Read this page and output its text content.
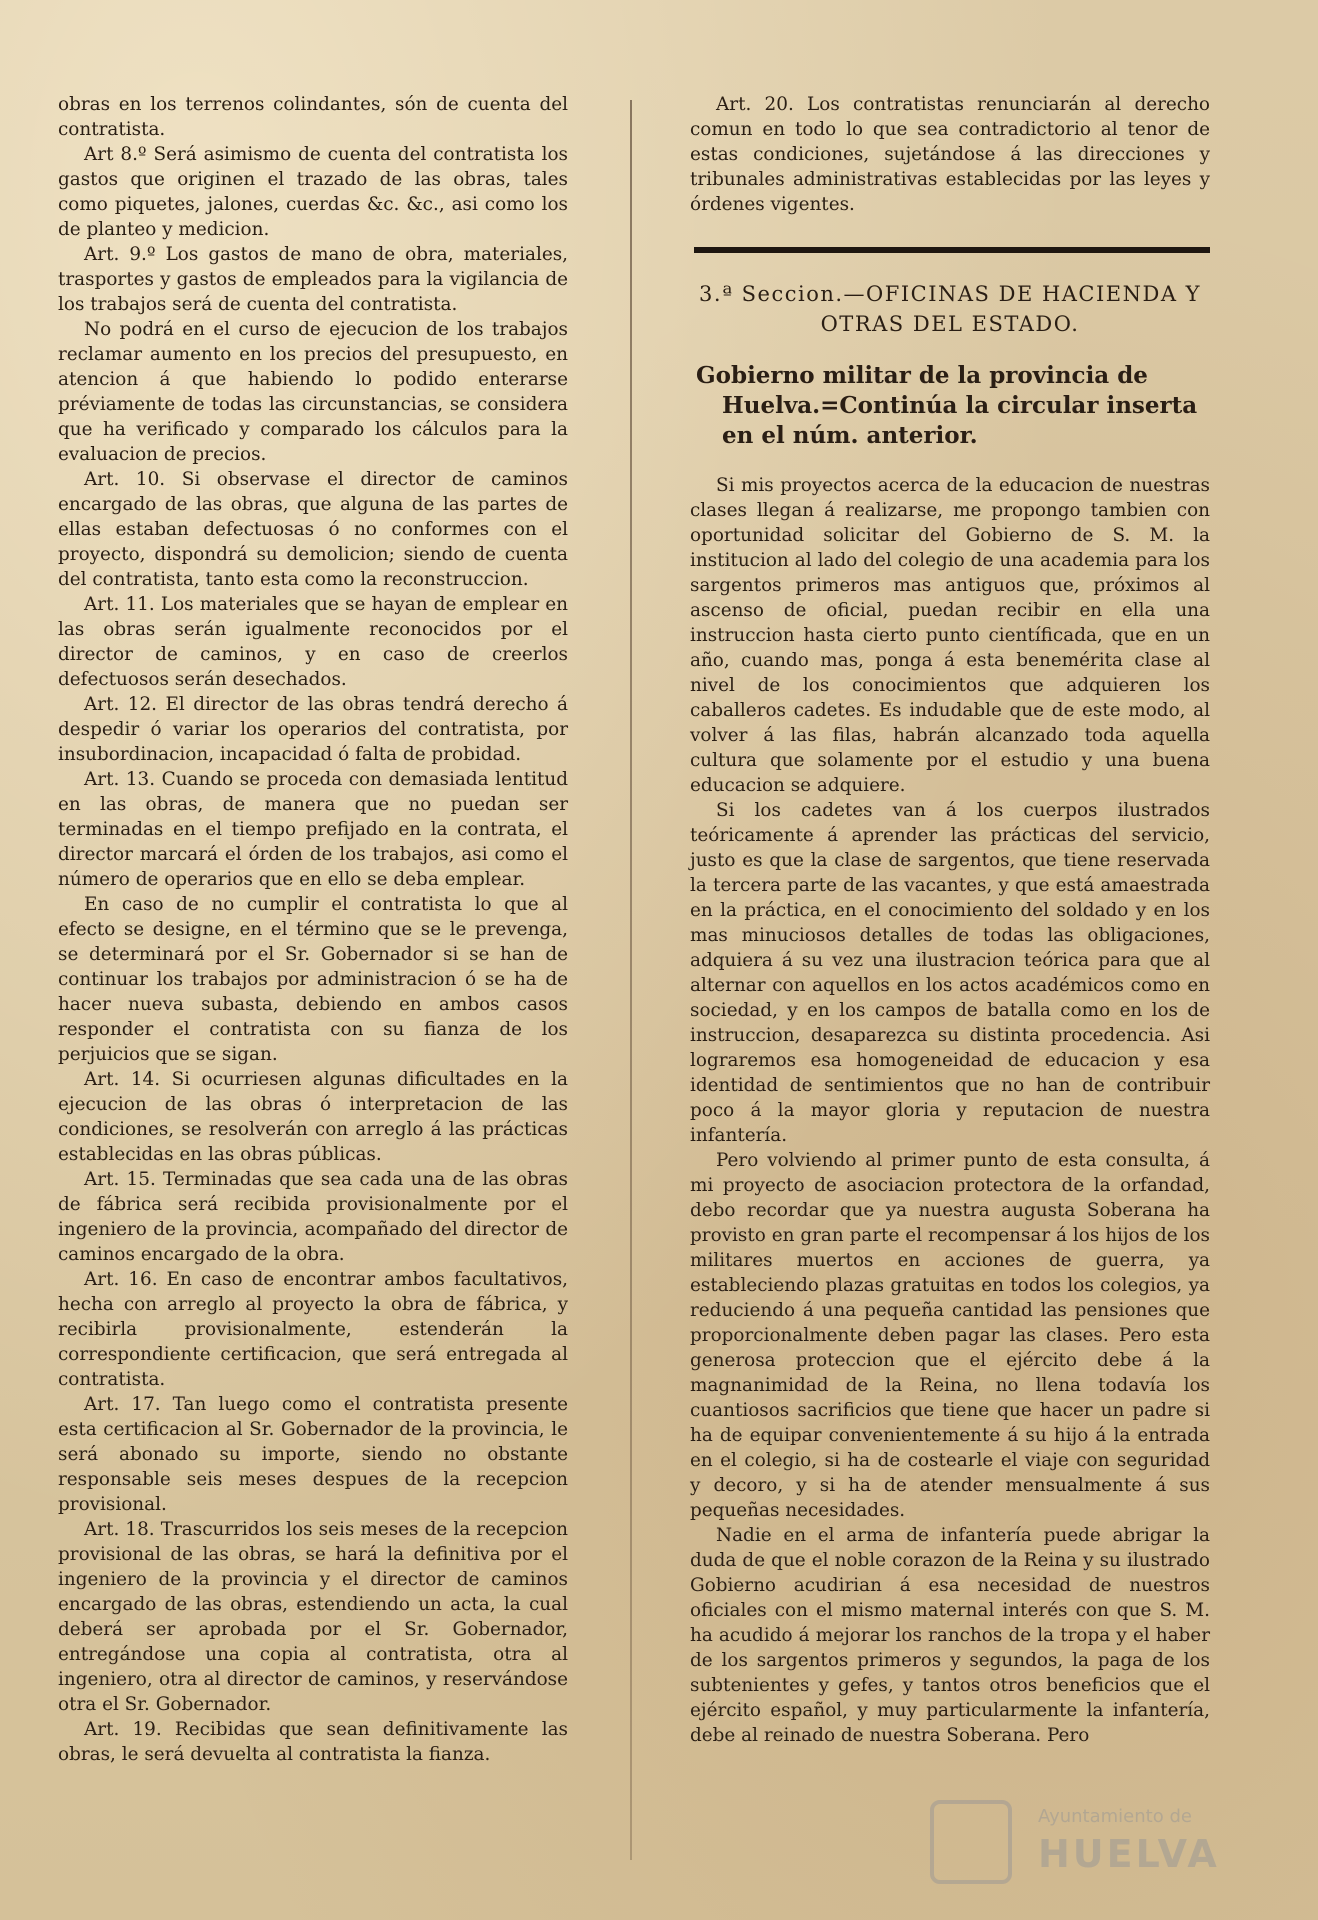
obras en los terrenos colindantes, són de cuenta del contratista.

Art 8.º Será asimismo de cuenta del contratista los gastos que originen el trazado de las obras, tales como piquetes, jalones, cuerdas &c. &c., asi como los de planteo y medicion.

Art. 9.º Los gastos de mano de obra, materiales, trasportes y gastos de empleados para la vigilancia de los trabajos será de cuenta del contratista.

No podrá en el curso de ejecucion de los trabajos reclamar aumento en los precios del presupuesto, en atencion á que habiendo lo podido enterarse préviamente de todas las circunstancias, se considera que ha verificado y comparado los cálculos para la evaluacion de precios.

Art. 10. Si observase el director de caminos encargado de las obras, que alguna de las partes de ellas estaban defectuosas ó no conformes con el proyecto, dispondrá su demolicion; siendo de cuenta del contratista, tanto esta como la reconstruccion.

Art. 11. Los materiales que se hayan de emplear en las obras serán igualmente reconocidos por el director de caminos, y en caso de creerlos defectuosos serán desechados.

Art. 12. El director de las obras tendrá derecho á despedir ó variar los operarios del contratista, por insubordinacion, incapacidad ó falta de probidad.

Art. 13. Cuando se proceda con demasiada lentitud en las obras, de manera que no puedan ser terminadas en el tiempo prefijado en la contrata, el director marcará el órden de los trabajos, asi como el número de operarios que en ello se deba emplear.

En caso de no cumplir el contratista lo que al efecto se designe, en el término que se le prevenga, se determinará por el Sr. Gobernador si se han de continuar los trabajos por administracion ó se ha de hacer nueva subasta, debiendo en ambos casos responder el contratista con su fianza de los perjuicios que se sigan.

Art. 14. Si ocurriesen algunas dificultades en la ejecucion de las obras ó interpretacion de las condiciones, se resolverán con arreglo á las prácticas establecidas en las obras públicas.

Art. 15. Terminadas que sea cada una de las obras de fábrica será recibida provisionalmente por el ingeniero de la provincia, acompañado del director de caminos encargado de la obra.

Art. 16. En caso de encontrar ambos facultativos, hecha con arreglo al proyecto la obra de fábrica, y recibirla provisionalmente, estenderán la correspondiente certificacion, que será entregada al contratista.

Art. 17. Tan luego como el contratista presente esta certificacion al Sr. Gobernador de la provincia, le será abonado su importe, siendo no obstante responsable seis meses despues de la recepcion provisional.

Art. 18. Trascurridos los seis meses de la recepcion provisional de las obras, se hará la definitiva por el ingeniero de la provincia y el director de caminos encargado de las obras, estendiendo un acta, la cual deberá ser aprobada por el Sr. Gobernador, entregándose una copia al contratista, otra al ingeniero, otra al director de caminos, y reservándose otra el Sr. Gobernador.

Art. 19. Recibidas que sean definitivamente las obras, le será devuelta al contratista la fianza.

Art. 20. Los contratistas renunciarán al derecho comun en todo lo que sea contradictorio al tenor de estas condiciones, sujetándose á las direcciones y tribunales administrativas establecidas por las leyes y órdenes vigentes.

3.ª Seccion.—OFICINAS DE HACIENDA Y OTRAS DEL ESTADO.
Gobierno militar de la provincia de Huelva.=Continúa la circular inserta en el núm. anterior.

Si mis proyectos acerca de la educacion de nuestras clases llegan á realizarse, me propongo tambien con oportunidad solicitar del Gobierno de S. M. la institucion al lado del colegio de una academia para los sargentos primeros mas antiguos que, próximos al ascenso de oficial, puedan recibir en ella una instruccion hasta cierto punto científicada, que en un año, cuando mas, ponga á esta benemérita clase al nivel de los conocimientos que adquieren los caballeros cadetes. Es indudable que de este modo, al volver á las filas, habrán alcanzado toda aquella cultura que solamente por el estudio y una buena educacion se adquiere.

Si los cadetes van á los cuerpos ilustrados teóricamente á aprender las prácticas del servicio, justo es que la clase de sargentos, que tiene reservada la tercera parte de las vacantes, y que está amaestrada en la práctica, en el conocimiento del soldado y en los mas minuciosos detalles de todas las obligaciones, adquiera á su vez una ilustracion teórica para que al alternar con aquellos en los actos académicos como en sociedad, y en los campos de batalla como en los de instruccion, desaparezca su distinta procedencia. Asi lograremos esa homogeneidad de educacion y esa identidad de sentimientos que no han de contribuir poco á la mayor gloria y reputacion de nuestra infantería.

Pero volviendo al primer punto de esta consulta, á mi proyecto de asociacion protectora de la orfandad, debo recordar que ya nuestra augusta Soberana ha provisto en gran parte el recompensar á los hijos de los militares muertos en acciones de guerra, ya estableciendo plazas gratuitas en todos los colegios, ya reduciendo á una pequeña cantidad las pensiones que proporcionalmente deben pagar las clases. Pero esta generosa proteccion que el ejército debe á la magnanimidad de la Reina, no llena todavía los cuantiosos sacrificios que tiene que hacer un padre si ha de equipar convenientemente á su hijo á la entrada en el colegio, si ha de costearle el viaje con seguridad y decoro, y si ha de atender mensualmente á sus pequeñas necesidades.

Nadie en el arma de infantería puede abrigar la duda de que el noble corazon de la Reina y su ilustrado Gobierno acudirian á esa necesidad de nuestros oficiales con el mismo maternal interés con que S. M. ha acudido á mejorar los ranchos de la tropa y el haber de los sargentos primeros y segundos, la paga de los subtenientes y gefes, y tantos otros beneficios que el ejército español, y muy particularmente la infantería, debe al reinado de nuestra Soberana. Pero

Ayuntamiento de
HUELVA
